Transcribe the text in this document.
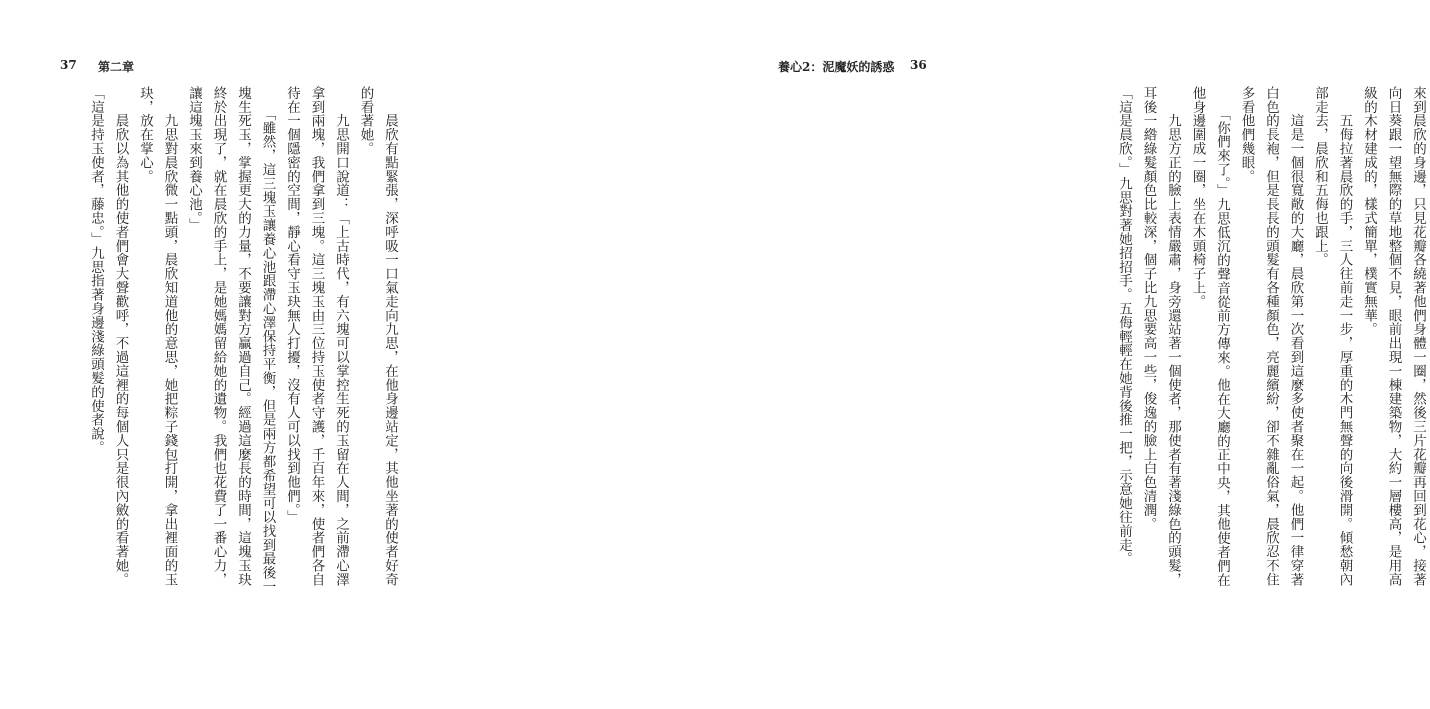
37 第二章
　　晨欣有點緊張，深呼吸一口氣走向九思，在他身邊站定，其他坐著的使者好奇
的看著她。
　　九思開口說道：「上古時代，有六塊可以掌控生死的玉留在人間，之前滯心澤
拿到兩塊，我們拿到三塊。這三塊玉由三位持玉使者守護，千百年來，使者們各自
待在一個隱密的空間，靜心看守玉玦無人打擾，沒有人可以找到他們。」
　　「雖然，這三塊玉讓養心池跟滯心澤保持平衡，但是兩方都希望可以找到最後一
塊生死玉，掌握更大的力量，不要讓對方贏過自己。經過這麼長的時間，這塊玉玦
終於出現了，就在晨欣的手上，是她媽媽留給她的遺物。我們也花費了一番心力，
讓這塊玉來到養心池。」
　　九思對晨欣微一點頭，晨欣知道他的意思，她把粽子錢包打開，拿出裡面的玉
玦，放在掌心。
　　晨欣以為其他的使者們會大聲歡呼，不過這裡的每個人只是很內斂的看著她。
「這是持玉使者，藤忠。」九思指著身邊淺綠頭髮的使者說。
養心2：泥魔妖的誘惑 36
來到晨欣的身邊，只見花瓣各繞著他們身體一圈，然後三片花瓣再回到花心，接著
向日葵跟一望無際的草地整個不見，眼前出現一棟建築物，大約一層樓高，是用高
級的木材建成的，樣式簡單，樸實無華。
　　五侮拉著晨欣的手，三人往前走一步，厚重的木門無聲的向後滑開。傾愁朝內
部走去，晨欣和五侮也跟上。
　　這是一個很寬敞的大廳，晨欣第一次看到這麼多使者聚在一起。他們一律穿著
白色的長袍，但是長長的頭髮有各種顏色，亮麗繽紛，卻不雜亂俗氣，晨欣忍不住
多看他們幾眼。
　　「你們來了。」九思低沉的聲音從前方傳來。他在大廳的正中央，其他使者們在
他身邊圍成一圈，坐在木頭椅子上。
　　九思方正的臉上表情嚴肅，身旁還站著一個使者，那使者有著淺綠色的頭髮，
耳後一綹綠髮顏色比較深，個子比九思要高一些，俊逸的臉上白色清潤。
「這是晨欣。」九思對著她招招手。五侮輕輕在她背後推一把，示意她往前走。
